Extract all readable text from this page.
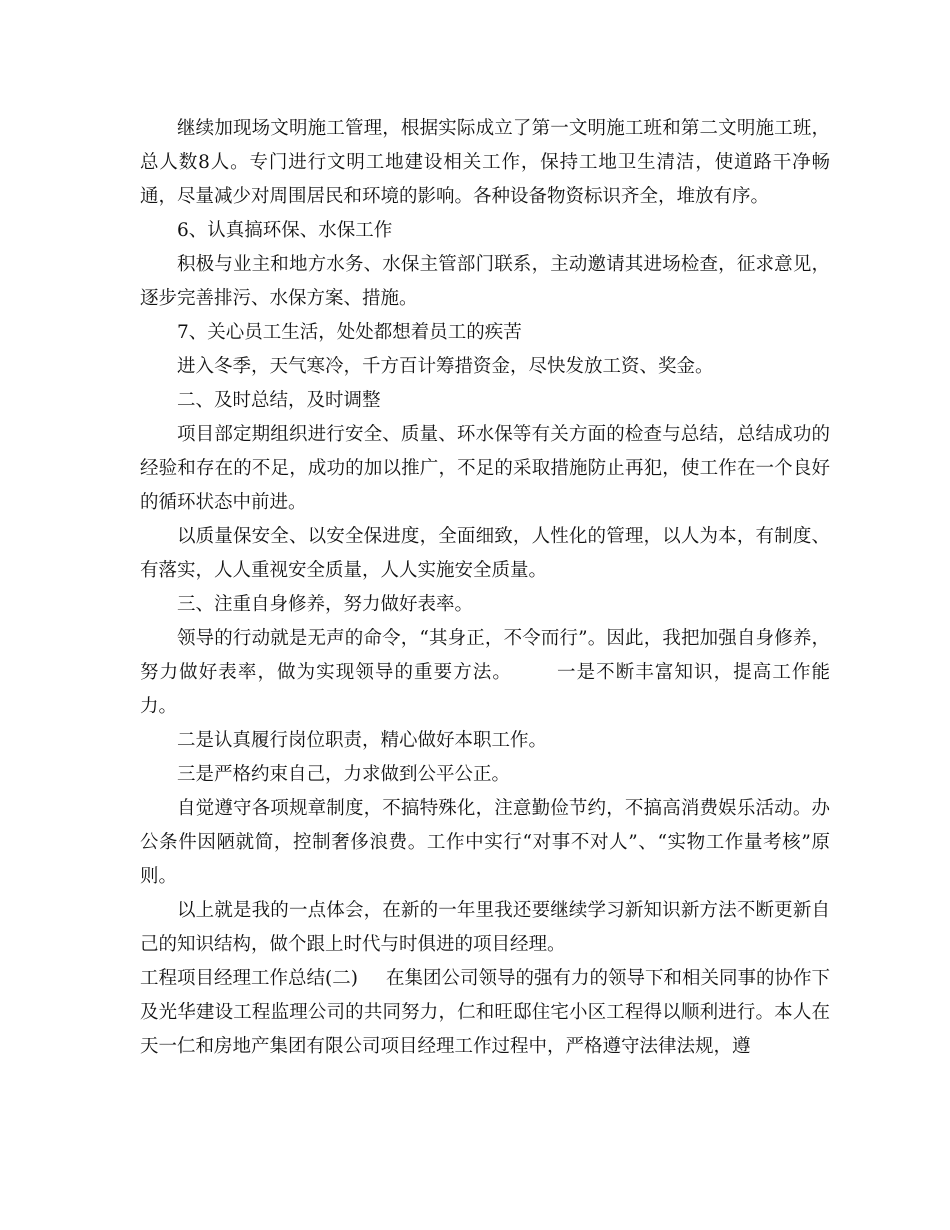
继续加现场文明施工管理，根据实际成立了第一文明施工班和第二文明施工班，总人数8人。专门进行文明工地建设相关工作，保持工地卫生清洁，使道路干净畅通，尽量减少对周围居民和环境的影响。各种设备物资标识齐全，堆放有序。

6、认真搞环保、水保工作

积极与业主和地方水务、水保主管部门联系，主动邀请其进场检查，征求意见，逐步完善排污、水保方案、措施。

7、关心员工生活，处处都想着员工的疾苦

进入冬季，天气寒冷，千方百计筹措资金，尽快发放工资、奖金。

二、及时总结，及时调整

项目部定期组织进行安全、质量、环水保等有关方面的检查与总结，总结成功的经验和存在的不足，成功的加以推广，不足的采取措施防止再犯，使工作在一个良好的循环状态中前进。

以质量保安全、以安全保进度，全面细致，人性化的管理，以人为本，有制度、有落实，人人重视安全质量，人人实施安全质量。

三、注重自身修养，努力做好表率。

领导的行动就是无声的命令，“其身正，不令而行”。因此，我把加强自身修养，努力做好表率，做为实现领导的重要方法。 一是不断丰富知识，提高工作能力。

二是认真履行岗位职责，精心做好本职工作。

三是严格约束自己，力求做到公平公正。

自觉遵守各项规章制度，不搞特殊化，注意勤俭节约，不搞高消费娱乐活动。办公条件因陋就简，控制奢侈浪费。工作中实行“对事不对人”、“实物工作量考核”原则。

以上就是我的一点体会，在新的一年里我还要继续学习新知识新方法不断更新自己的知识结构，做个跟上时代与时俱进的项目经理。

工程项目经理工作总结(二) 在集团公司领导的强有力的领导下和相关同事的协作下及光华建设工程监理公司的共同努力，仁和旺邸住宅小区工程得以顺利进行。本人在天一仁和房地产集团有限公司项目经理工作过程中，严格遵守法律法规，遵
